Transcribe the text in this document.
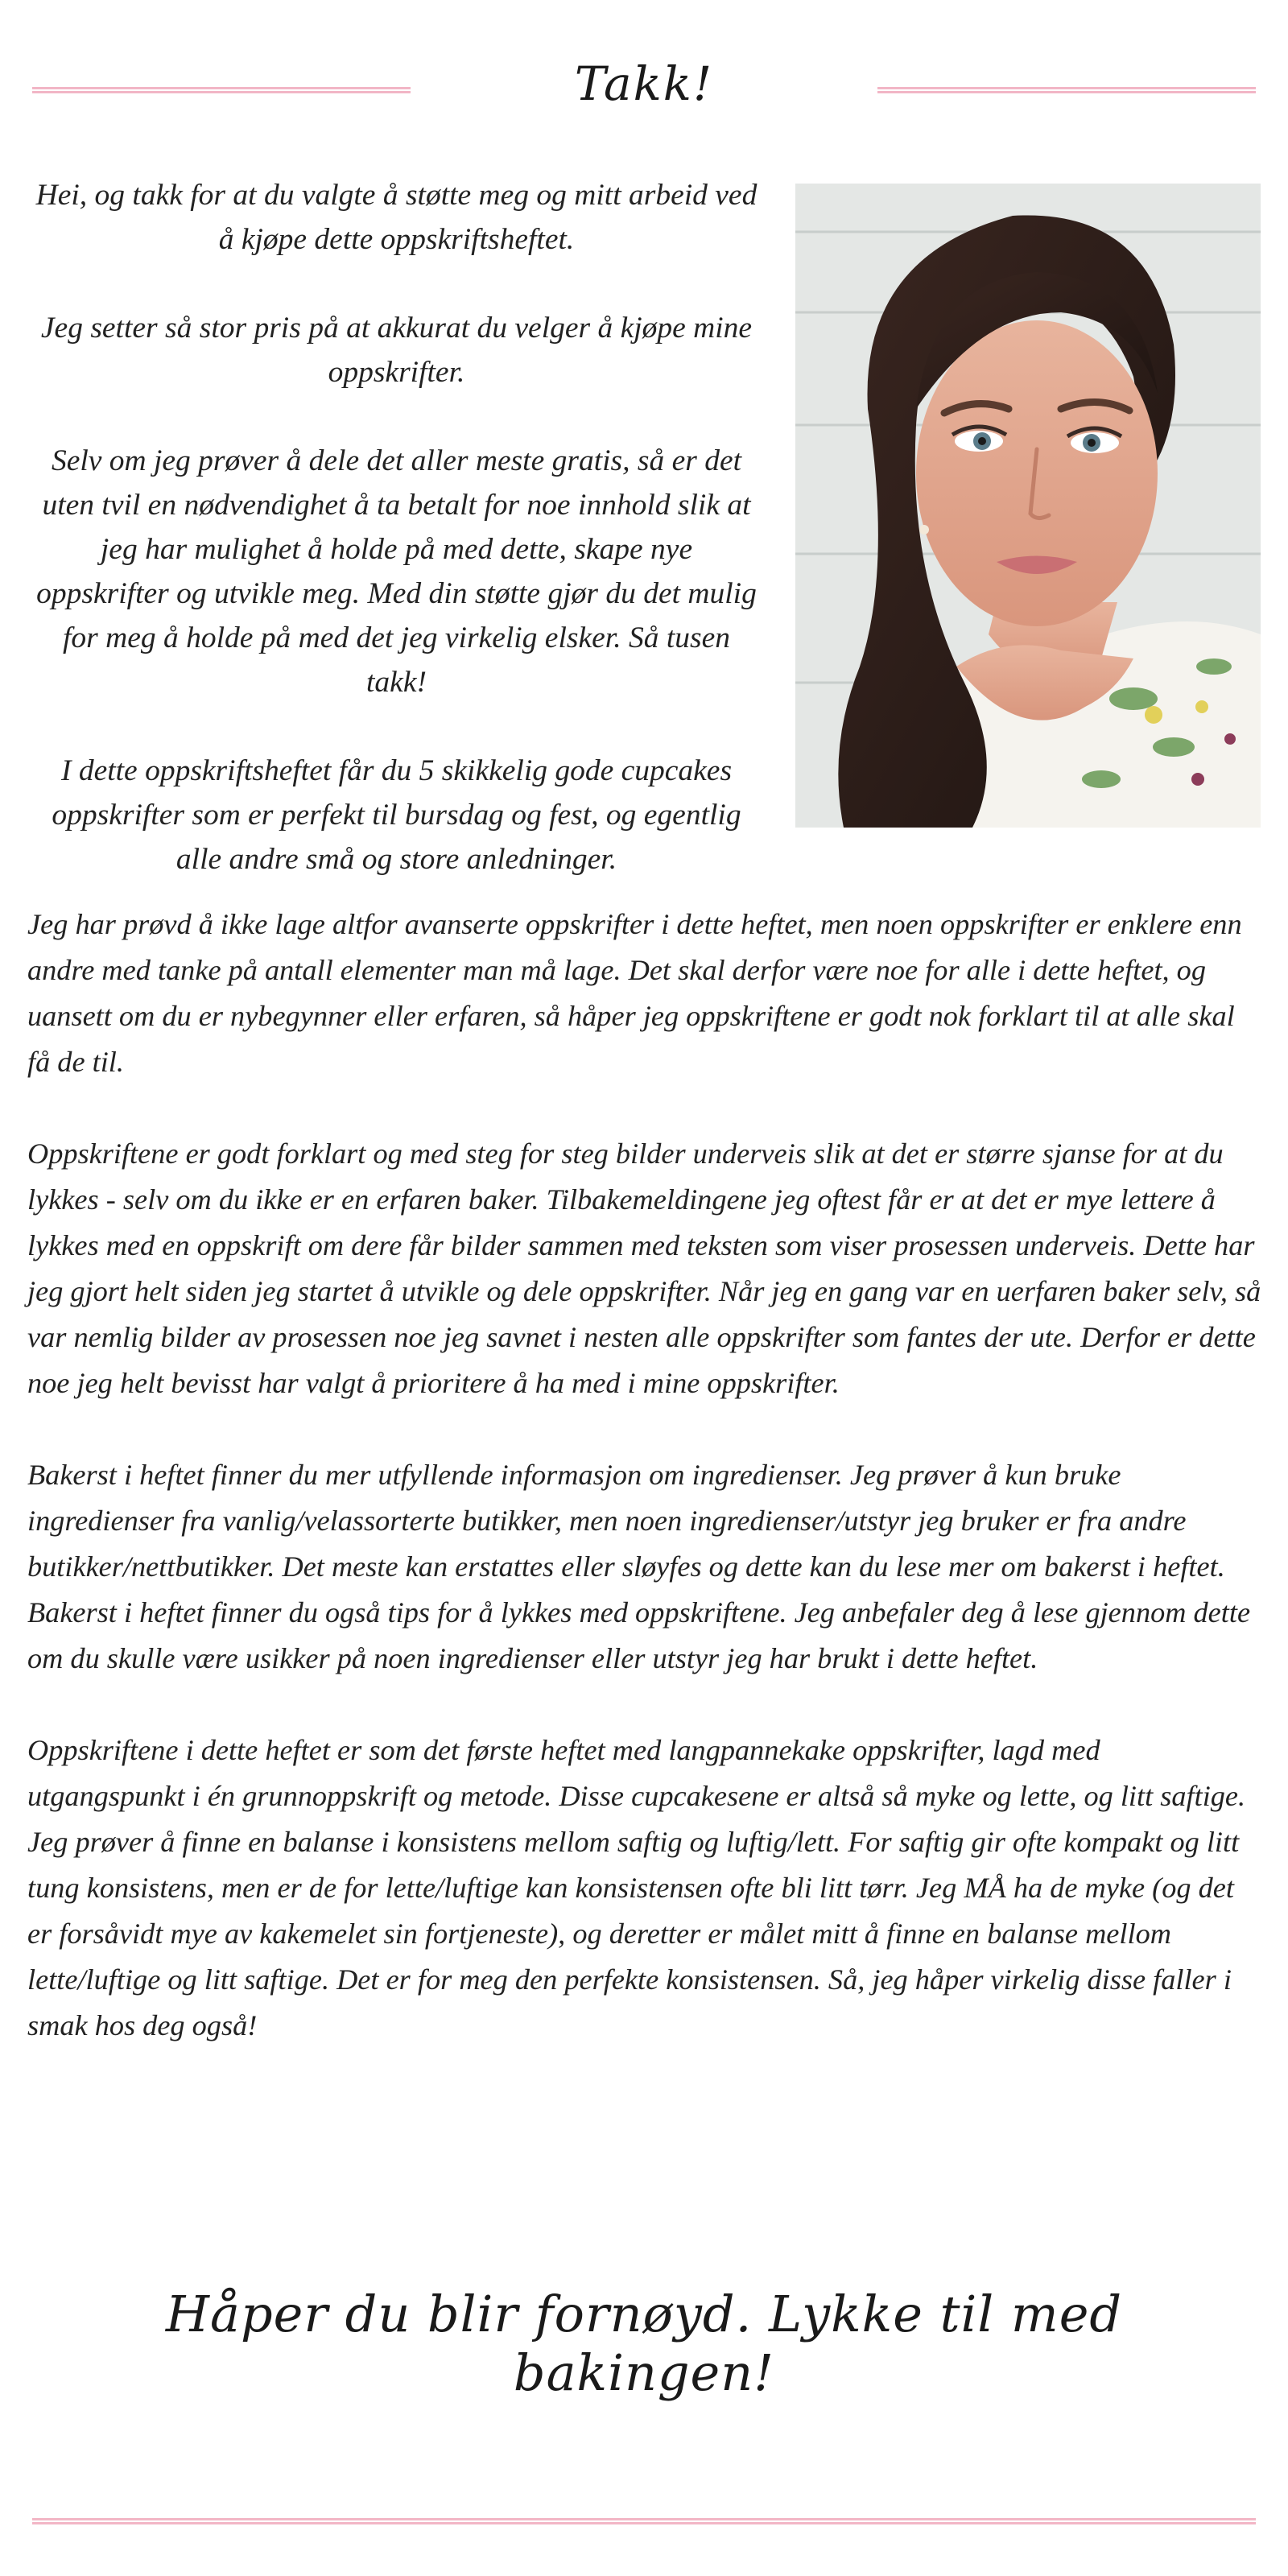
Takk!

Hei, og takk for at du valgte å støtte meg og mitt arbeid ved å kjøpe dette oppskriftsheftet.

Jeg setter så stor pris på at akkurat du velger å kjøpe mine oppskrifter.

Selv om jeg prøver å dele det aller meste gratis, så er det uten tvil en nødvendighet å ta betalt for noe innhold slik at jeg har mulighet å holde på med dette, skape nye oppskrifter og utvikle meg. Med din støtte gjør du det mulig for meg å holde på med det jeg virkelig elsker. Så tusen takk!

I dette oppskriftsheftet får du 5 skikkelig gode cupcakes oppskrifter som er perfekt til bursdag og fest, og egentlig alle andre små og store anledninger.

Jeg har prøvd å ikke lage altfor avanserte oppskrifter i dette heftet, men noen oppskrifter er enklere enn andre med tanke på antall elementer man må lage. Det skal derfor være noe for alle i dette heftet, og uansett om du er nybegynner eller erfaren, så håper jeg oppskriftene er godt nok forklart til at alle skal få de til.

Oppskriftene er godt forklart og med steg for steg bilder underveis slik at det er større sjanse for at du lykkes - selv om du ikke er en erfaren baker. Tilbakemeldingene jeg oftest får er at det er mye lettere å lykkes med en oppskrift om dere får bilder sammen med teksten som viser prosessen underveis. Dette har jeg gjort helt siden jeg startet å utvikle og dele oppskrifter. Når jeg en gang var en uerfaren baker selv, så var nemlig bilder av prosessen noe jeg savnet i nesten alle oppskrifter som fantes der ute. Derfor er dette noe jeg helt bevisst har valgt å prioritere å ha med i mine oppskrifter.

Bakerst i heftet finner du mer utfyllende informasjon om ingredienser. Jeg prøver å kun bruke ingredienser fra vanlig/velassorterte butikker, men noen ingredienser/utstyr jeg bruker er fra andre butikker/nettbutikker. Det meste kan erstattes eller sløyfes og dette kan du lese mer om bakerst i heftet. Bakerst i heftet finner du også tips for å lykkes med oppskriftene. Jeg anbefaler deg å lese gjennom dette om du skulle være usikker på noen ingredienser eller utstyr jeg har brukt i dette heftet.

Oppskriftene i dette heftet er som det første heftet med langpannekake oppskrifter, lagd med utgangspunkt i én grunnoppskrift og metode. Disse cupcakesene er altså så myke og lette, og litt saftige. Jeg prøver å finne en balanse i konsistens mellom saftig og luftig/lett. For saftig gir ofte kompakt og litt tung konsistens, men er de for lette/luftige kan konsistensen ofte bli litt tørr. Jeg MÅ ha de myke (og det er forsåvidt mye av kakemelet sin fortjeneste), og deretter er målet mitt å finne en balanse mellom lette/luftige og litt saftige. Det er for meg den perfekte konsistensen. Så, jeg håper virkelig disse faller i smak hos deg også!

Håper du blir fornøyd. Lykke til med bakingen!
